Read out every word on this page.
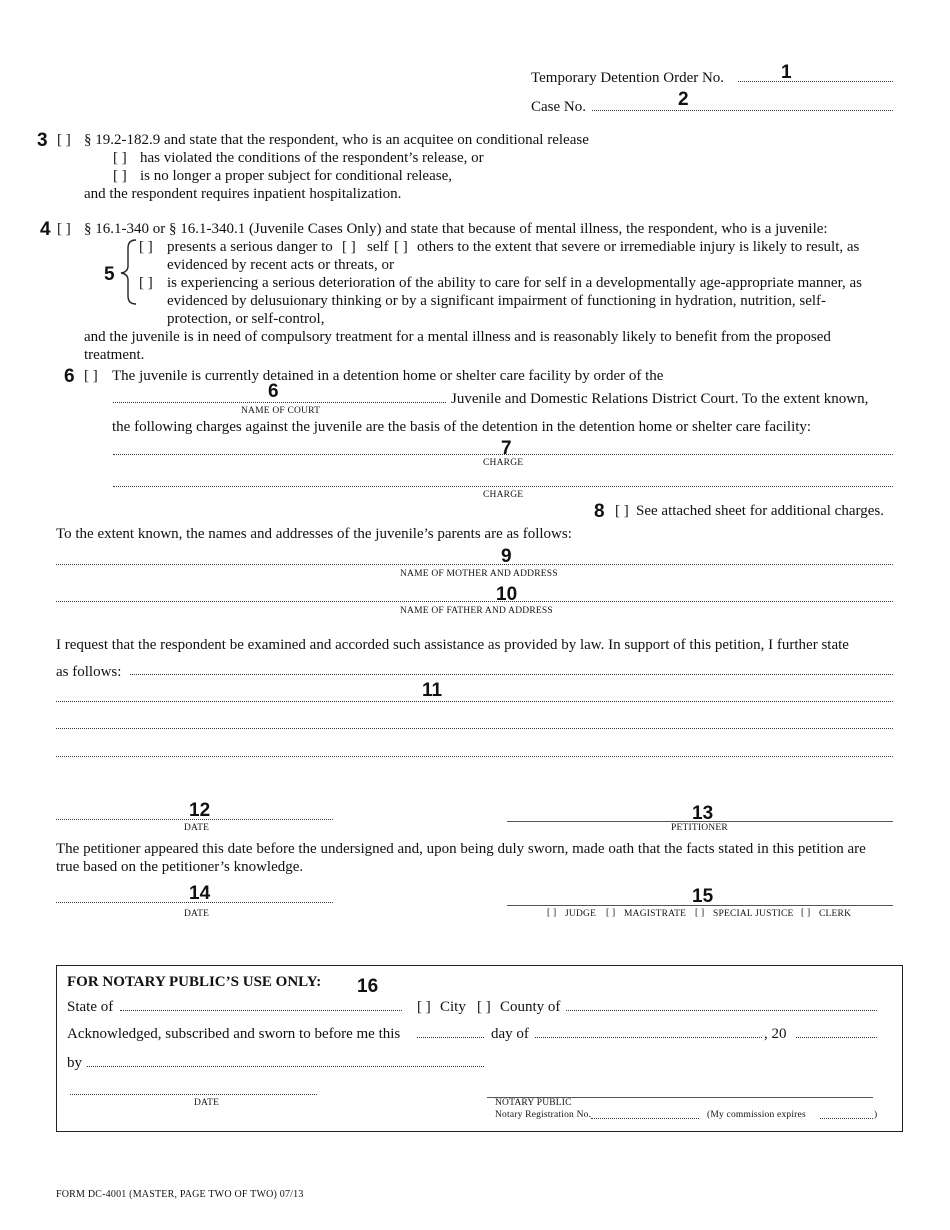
Temporary Detention Order No.	1
Case No.	2
3 [ ] § 19.2-182.9 and state that the respondent, who is an acquitee on conditional release
[ ] has violated the conditions of the respondent’s release, or
[ ] is no longer a proper subject for conditional release,
and the respondent requires inpatient hospitalization.
4 [ ] § 16.1-340 or § 16.1-340.1 (Juvenile Cases Only) and state that because of mental illness, the respondent, who is a juvenile:
5
[ ] presents a serious danger to [ ] self [ ] others to the extent that severe or irremediable injury is likely to result, as
evidenced by recent acts or threats, or
[ ] is experiencing a serious deterioration of the ability to care for self in a developmentally age-appropriate manner, as
evidenced by delusuionary thinking or by a significant impairment of functioning in hydration, nutrition, self-
protection, or self-control,
and the juvenile is in need of compulsory treatment for a mental illness and is reasonably likely to benefit from the proposed
treatment.
6 [ ] The juvenile is currently detained in a detention home or shelter care facility by order of the
6	Juvenile and Domestic Relations District Court. To the extent known,
NAME OF COURT
the following charges against the juvenile are the basis of the detention in the detention home or shelter care facility:
7
CHARGE
CHARGE
8 [ ] See attached sheet for additional charges.
To the extent known, the names and addresses of the juvenile’s parents are as follows:
9
NAME OF MOTHER AND ADDRESS
10
NAME OF FATHER AND ADDRESS
I request that the respondent be examined and accorded such assistance as provided by law. In support of this petition, I further state
as follows:
11
12
DATE
13
PETITIONER
The petitioner appeared this date before the undersigned and, upon being duly sworn, made oath that the facts stated in this petition are
true based on the petitioner’s knowledge.
14
DATE
15
[ ] JUDGE [ ] MAGISTRATE [ ] SPECIAL JUSTICE [ ] CLERK
FOR NOTARY PUBLIC’S USE ONLY: 16
State of	[ ] City [ ] County of
Acknowledged, subscribed and sworn to before me this	day of	, 20
by
DATE	NOTARY PUBLIC
Notary Registration No.	(My commission expires	)
FORM DC-4001 (MASTER, PAGE TWO OF TWO) 07/13
